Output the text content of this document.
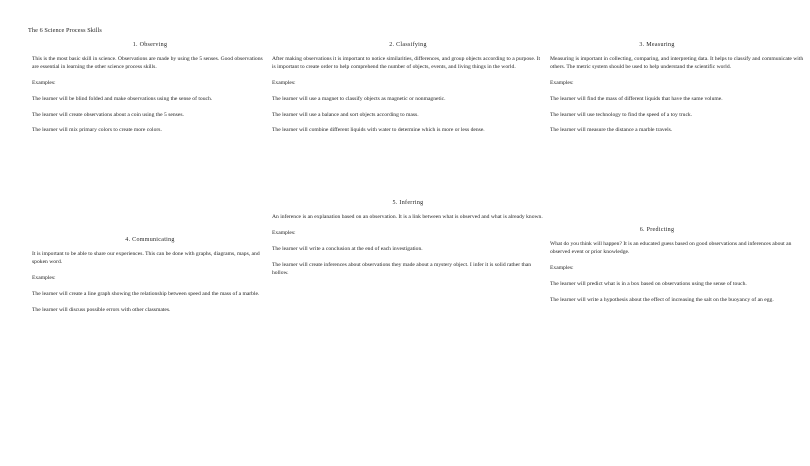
The 6 Science Process Skills
1. Observing

This is the most basic skill in science. Observations are made by using the 5 senses. Good observations are essential in learning the other science process skills.

Examples:

The learner will be blind folded and make observations using the sense of touch.

The learner will create observations about a coin using the 5 senses.

The learner will mix primary colors to create more colors.

2. Classifying

After making observations it is important to notice similarities, differences, and group objects according to a purpose. It is important to create order to help comprehend the number of objects, events, and living things in the world.

Examples:

The learner will use a magnet to classify objects as magnetic or nonmagnetic.

The learner will use a balance and sort objects according to mass.

The learner will combine different liquids with water to determine which is more or less dense.

3. Measuring

Measuring is important in collecting, comparing, and interpreting data. It helps to classify and communicate with others. The metric system should be used to help understand the scientific world.

Examples:

The learner will find the mass of different liquids that have the same volume.

The learner will use technology to find the speed of a toy truck.

The learner will measure the distance a marble travels.

4. Communicating

It is important to be able to share our experiences. This can be done with graphs, diagrams, maps, and spoken word.

Examples:

The learner will create a line graph showing the relationship between speed and the mass of a marble.

The learner will discuss possible errors with other classmates.

5. Inferring

An inference is an explanation based on an observation. It is a link between what is observed and what is already known.

Examples:

The learner will write a conclusion at the end of each investigation.

The learner will create inferences about observations they made about a mystery object. I infer it is solid rather than hollow.

6. Predicting

What do you think will happen? It is an educated guess based on good observations and inferences about an observed event or prior knowledge.

Examples:

The learner will predict what is in a box based on observations using the sense of touch.

The learner will write a hypothesis about the effect of increasing the salt on the buoyancy of an egg.
